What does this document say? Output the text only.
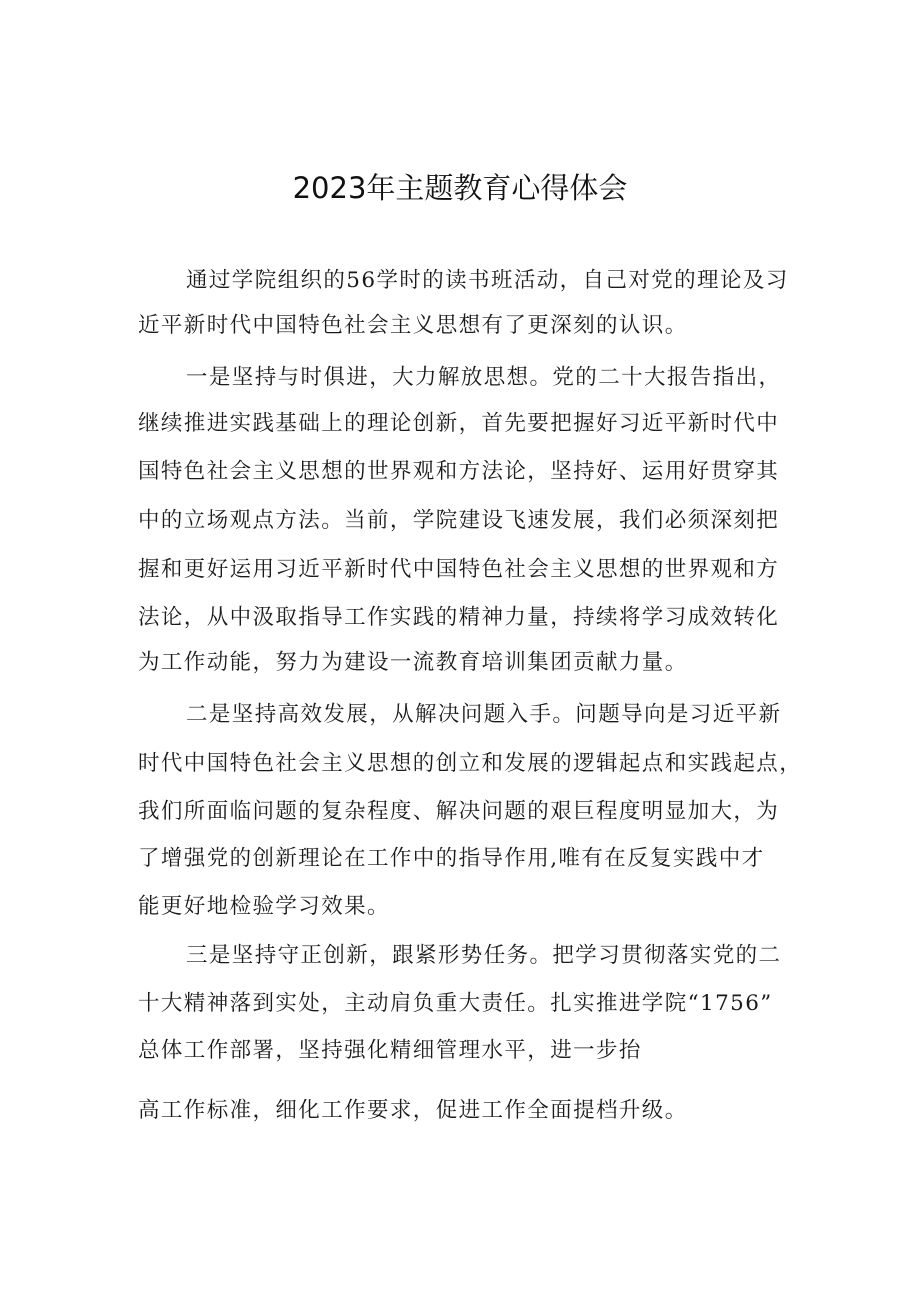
2023年主题教育心得体会

通过学院组织的56学时的读书班活动，自己对党的理论及习

近平新时代中国特色社会主义思想有了更深刻的认识。

一是坚持与时俱进，大力解放思想。党的二十大报告指出，

继续推进实践基础上的理论创新，首先要把握好习近平新时代中

国特色社会主义思想的世界观和方法论，坚持好、运用好贯穿其

中的立场观点方法。当前，学院建设飞速发展，我们必须深刻把

握和更好运用习近平新时代中国特色社会主义思想的世界观和方

法论，从中汲取指导工作实践的精神力量，持续将学习成效转化

为工作动能，努力为建设一流教育培训集团贡献力量。

二是坚持高效发展，从解决问题入手。问题导向是习近平新

时代中国特色社会主义思想的创立和发展的逻辑起点和实践起点，

我们所面临问题的复杂程度、解决问题的艰巨程度明显加大，为

了增强党的创新理论在工作中的指导作用,唯有在反复实践中才

能更好地检验学习效果。

三是坚持守正创新，跟紧形势任务。把学习贯彻落实党的二

十大精神落到实处，主动肩负重大责任。扎实推进学院“1756”

总体工作部署，坚持强化精细管理水平，进一步抬

高工作标准，细化工作要求，促进工作全面提档升级。
